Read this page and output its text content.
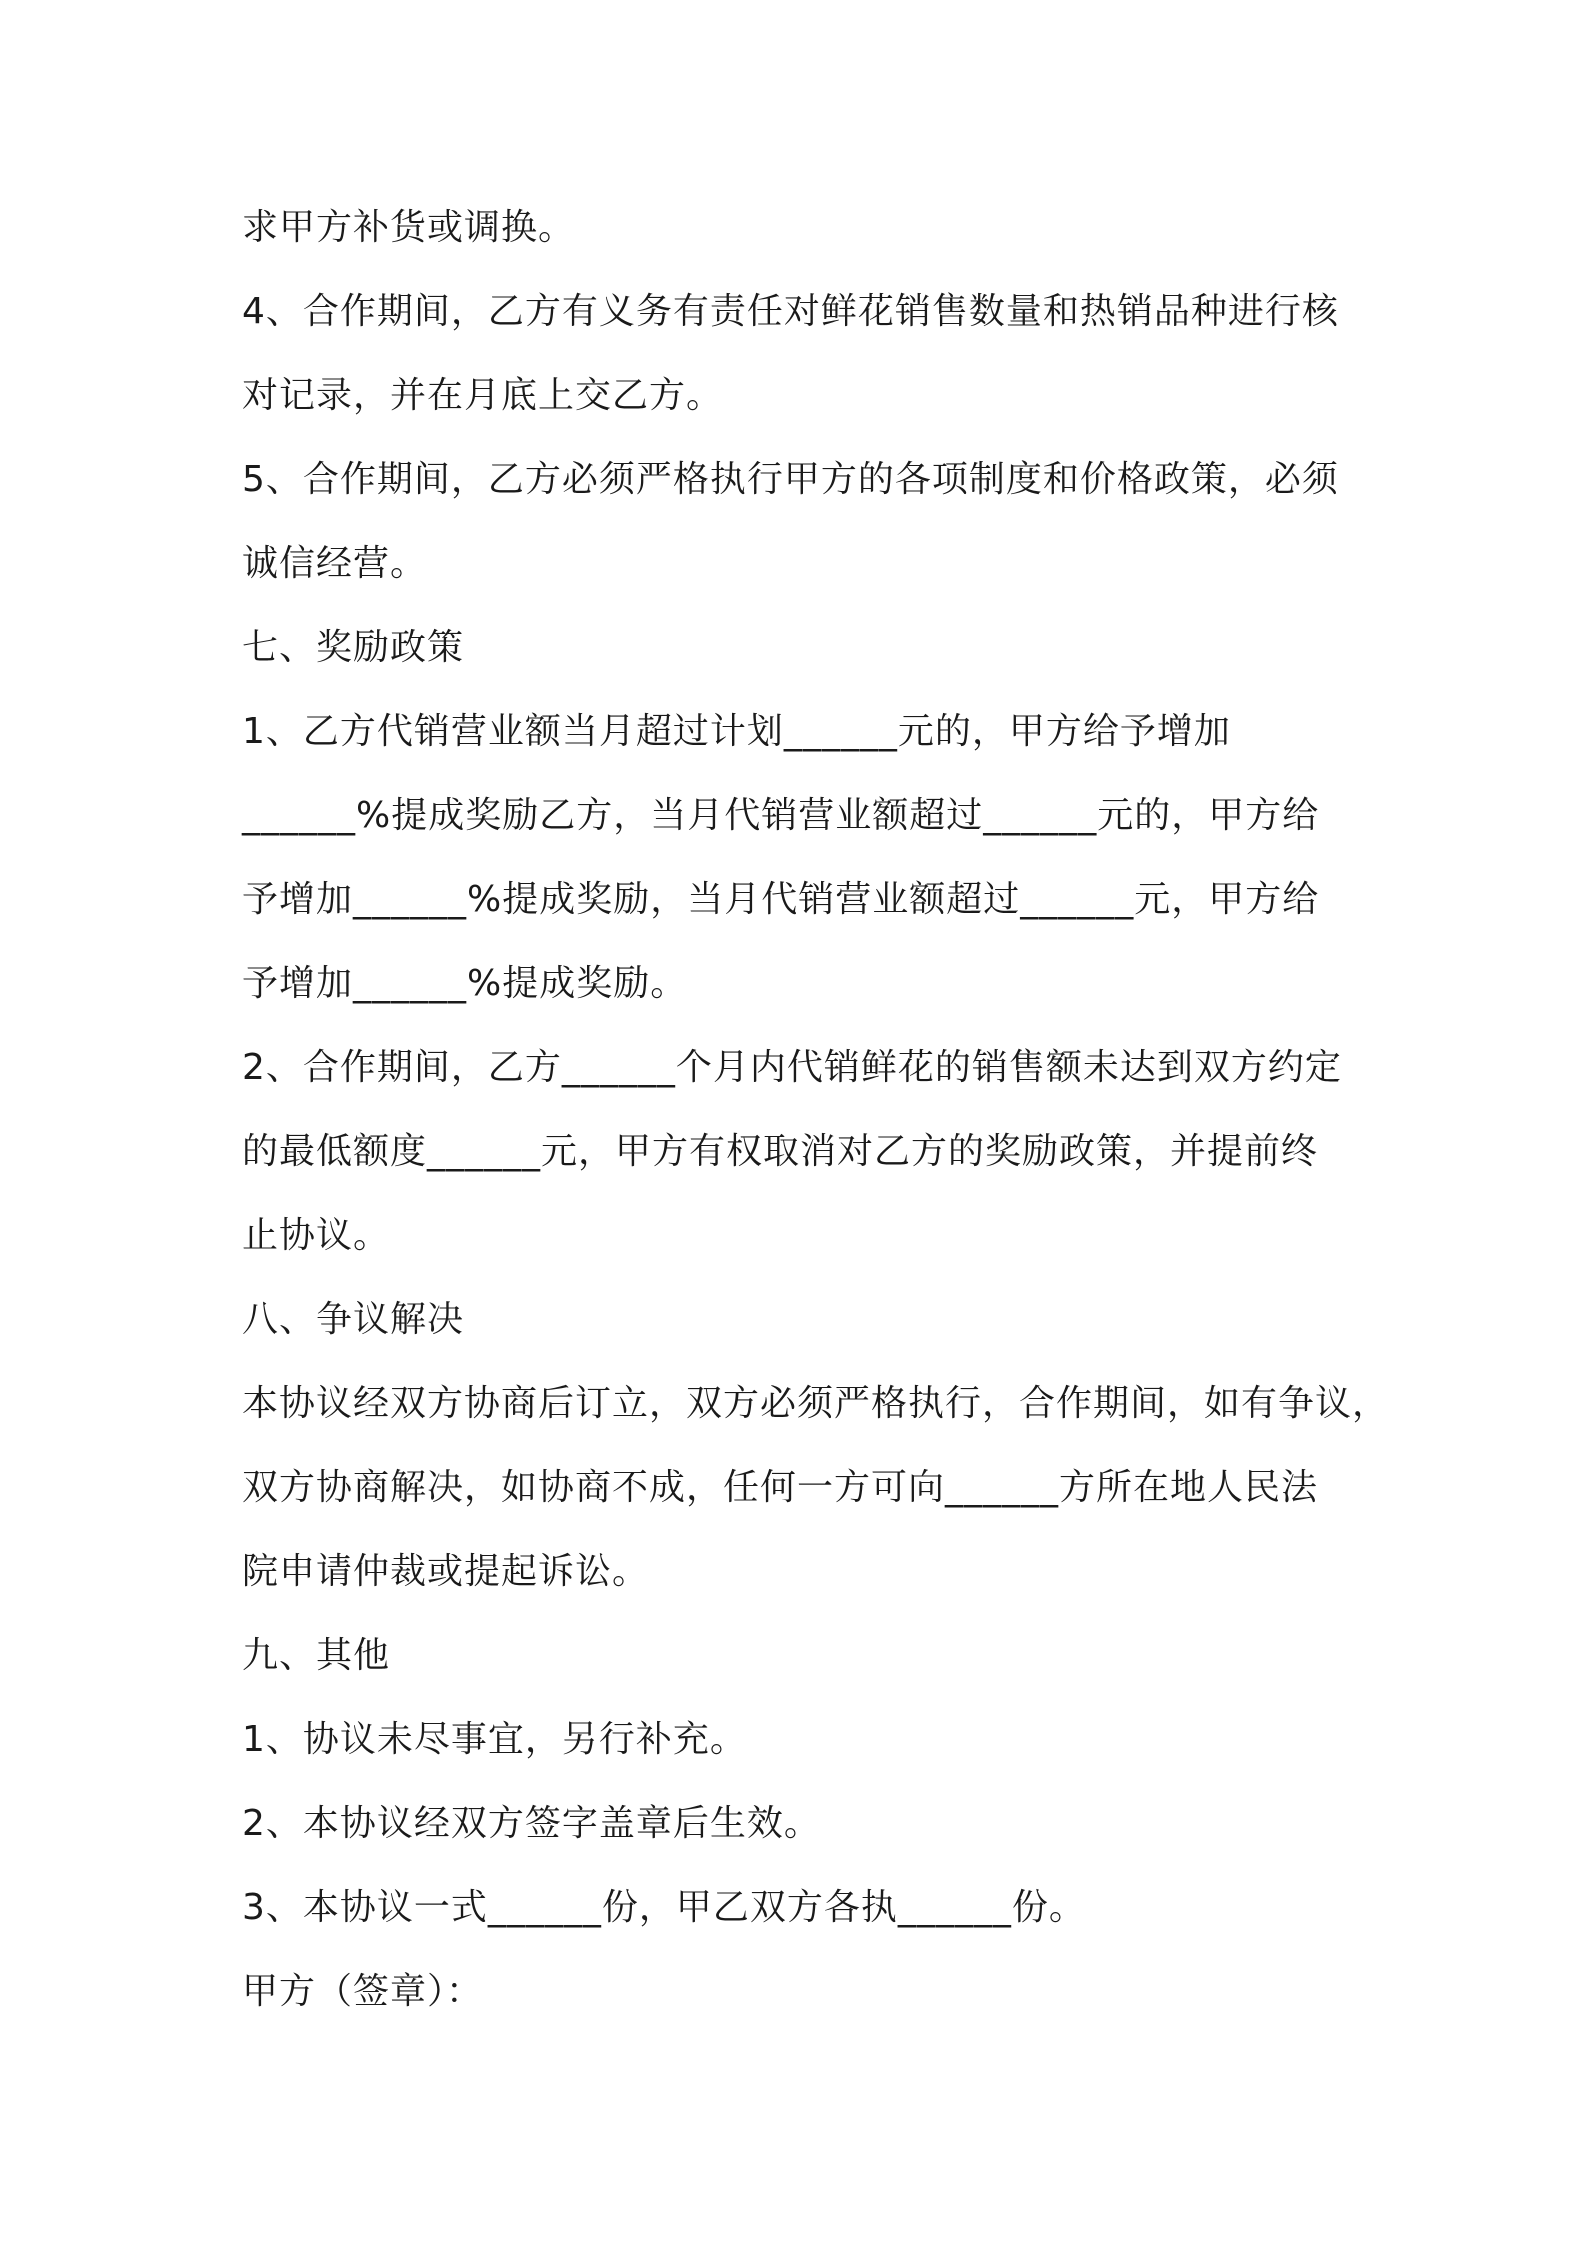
求甲方补货或调换。
4、合作期间，乙方有义务有责任对鲜花销售数量和热销品种进行核
对记录，并在月底上交乙方。
5、合作期间，乙方必须严格执行甲方的各项制度和价格政策，必须
诚信经营。
七、奖励政策
1、乙方代销营业额当月超过计划______元的，甲方给予增加
______%提成奖励乙方，当月代销营业额超过______元的，甲方给
予增加______%提成奖励，当月代销营业额超过______元，甲方给
予增加______%提成奖励。
2、合作期间，乙方______个月内代销鲜花的销售额未达到双方约定
的最低额度______元，甲方有权取消对乙方的奖励政策，并提前终
止协议。
八、争议解决
本协议经双方协商后订立，双方必须严格执行，合作期间，如有争议，
双方协商解决，如协商不成，任何一方可向______方所在地人民法
院申请仲裁或提起诉讼。
九、其他
1、协议未尽事宜，另行补充。
2、本协议经双方签字盖章后生效。
3、本协议一式______份，甲乙双方各执______份。
甲方（签章）：
